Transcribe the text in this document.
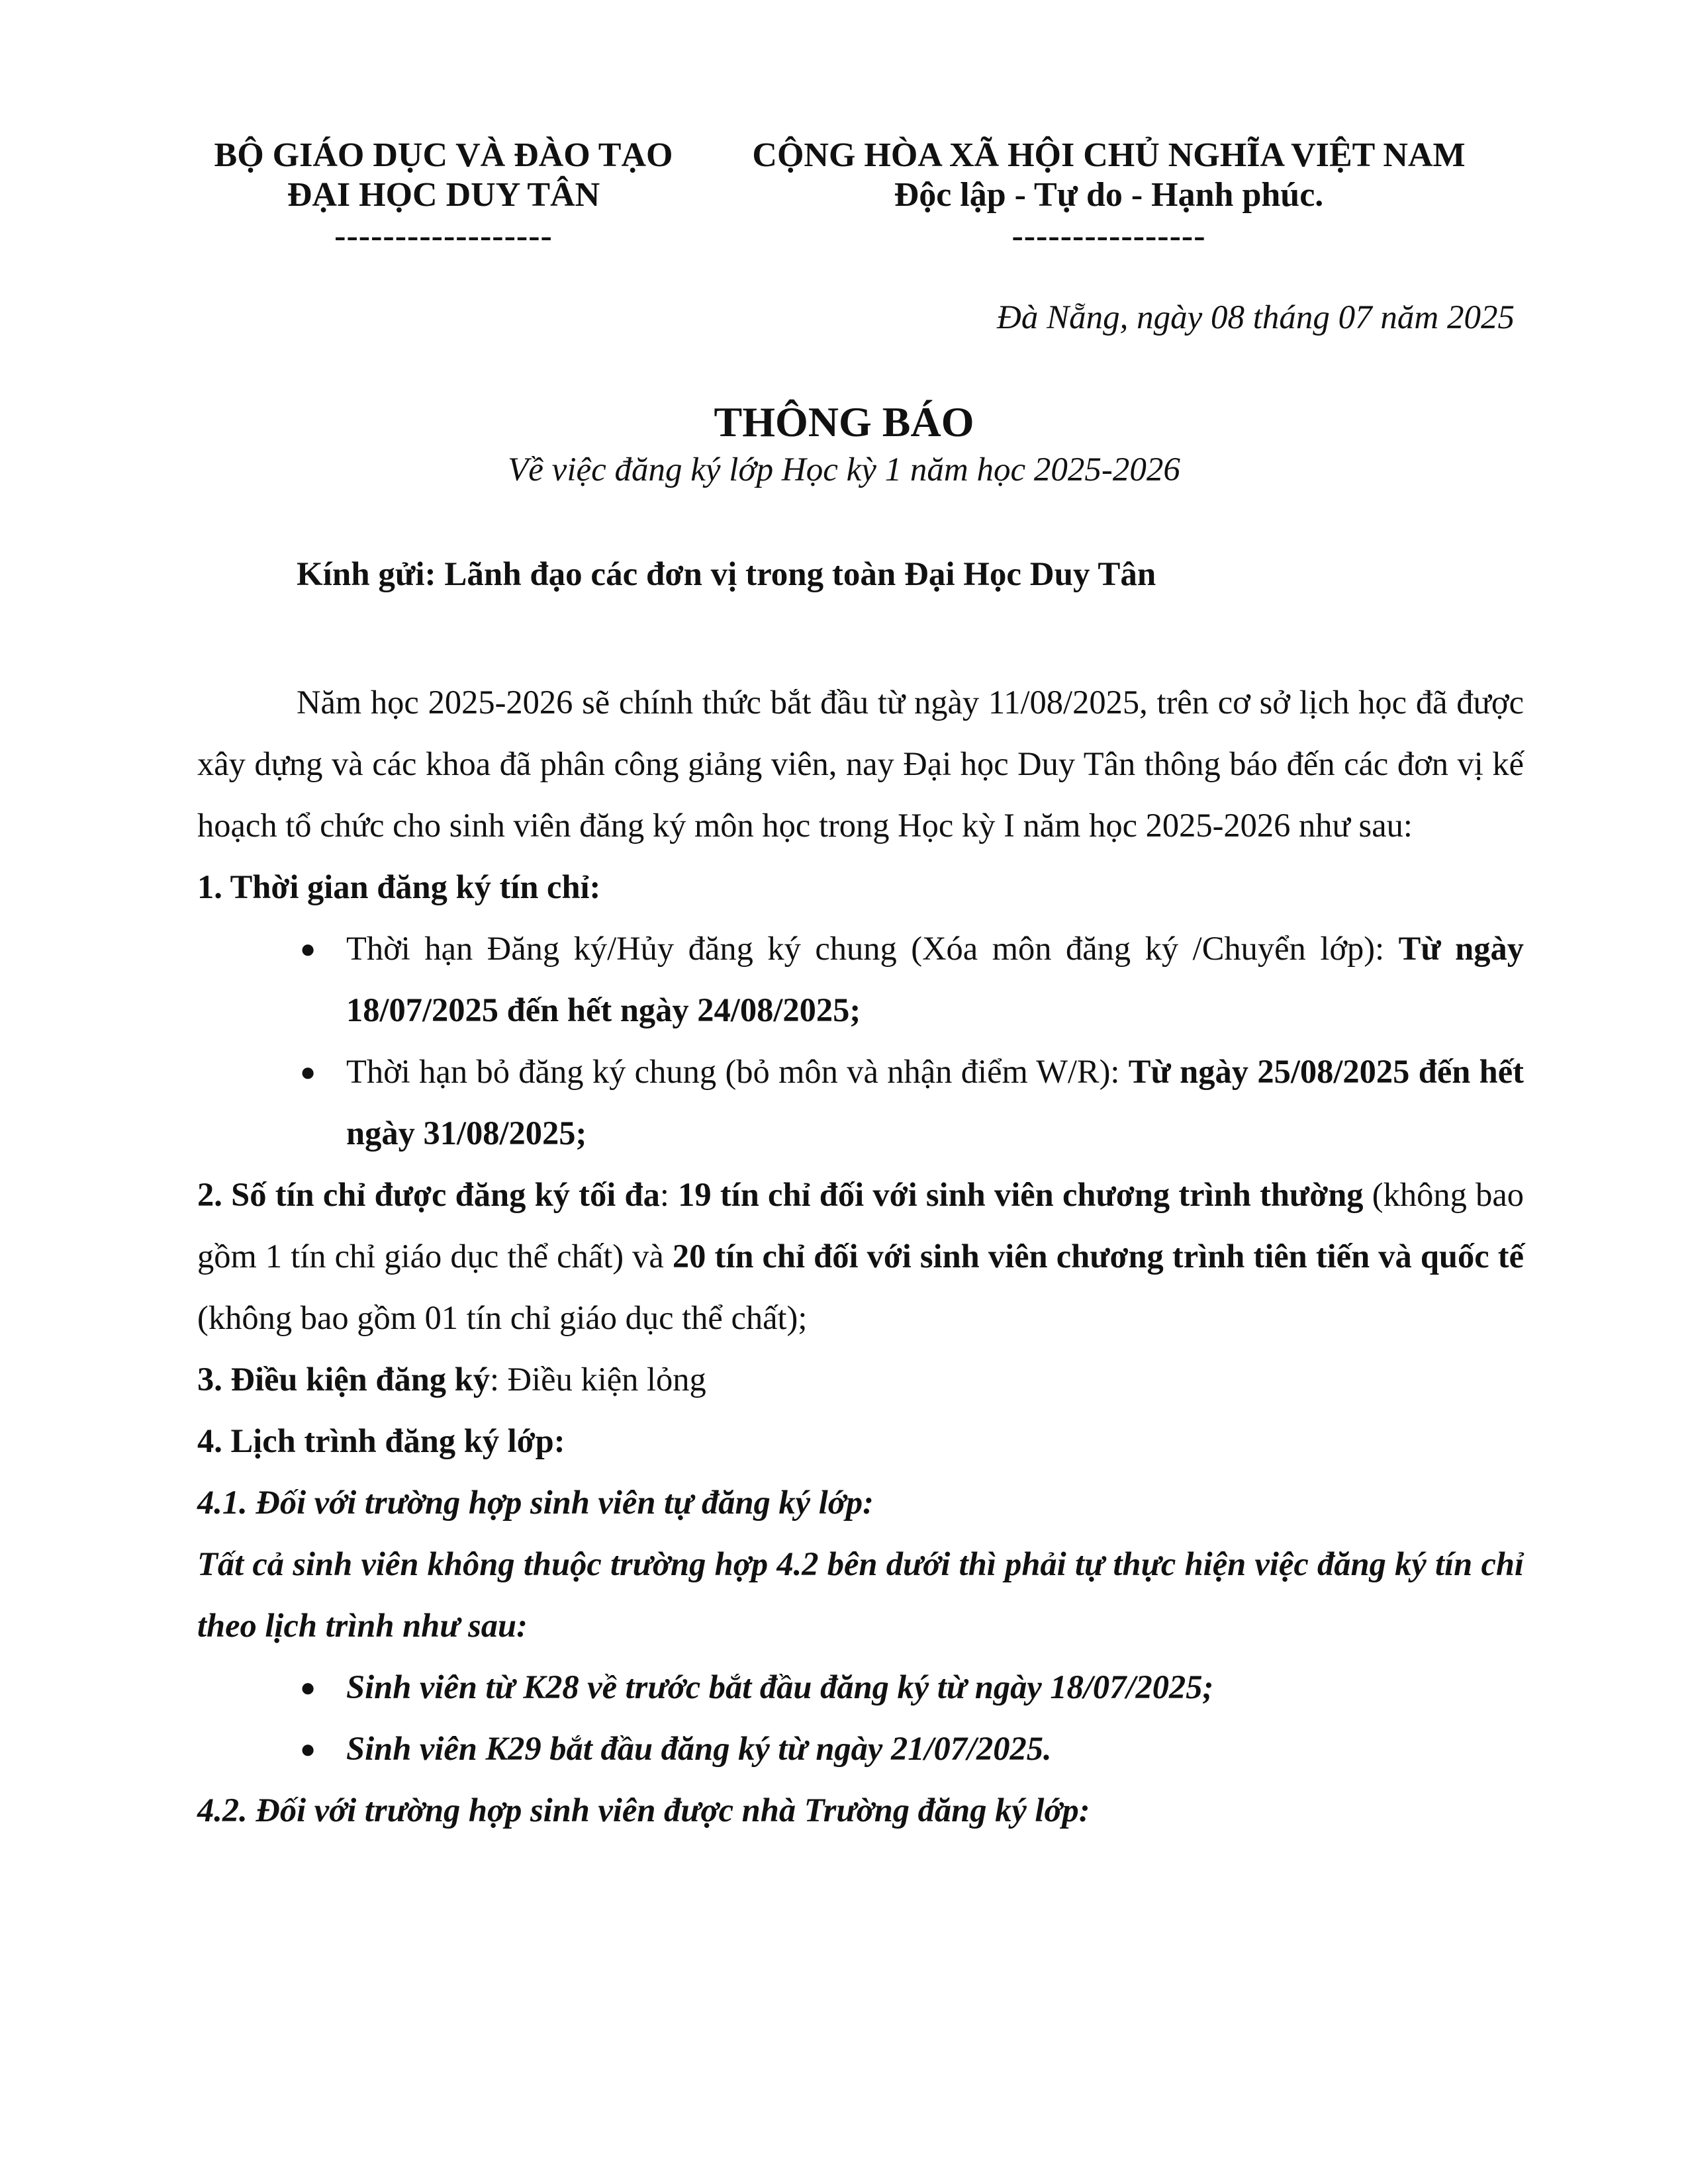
BỘ GIÁO DỤC VÀ ĐÀO TẠO
ĐẠI HỌC DUY TÂN
------------------
CỘNG HÒA XÃ HỘI CHỦ NGHĨA VIỆT NAM
Độc lập - Tự do - Hạnh phúc.
----------------
Đà Nẵng, ngày 08 tháng 07 năm 2025
THÔNG BÁO
Về việc đăng ký lớp Học kỳ 1 năm học 2025-2026
Kính gửi: Lãnh đạo các đơn vị trong toàn Đại Học Duy Tân

Năm học 2025-2026 sẽ chính thức bắt đầu từ ngày 11/08/2025, trên cơ sở lịch học đã được xây dựng và các khoa đã phân công giảng viên, nay Đại học Duy Tân thông báo đến các đơn vị kế hoạch tổ chức cho sinh viên đăng ký môn học trong Học kỳ I năm học 2025-2026 như sau:

1. Thời gian đăng ký tín chỉ:

● Thời hạn Đăng ký/Hủy đăng ký chung (Xóa môn đăng ký /Chuyển lớp): Từ ngày 18/07/2025 đến hết ngày 24/08/2025;
● Thời hạn bỏ đăng ký chung (bỏ môn và nhận điểm W/R): Từ ngày 25/08/2025 đến hết ngày 31/08/2025;

2. Số tín chỉ được đăng ký tối đa: 19 tín chỉ đối với sinh viên chương trình thường (không bao gồm 1 tín chỉ giáo dục thể chất) và 20 tín chỉ đối với sinh viên chương trình tiên tiến và quốc tế (không bao gồm 01 tín chỉ giáo dục thể chất);

3. Điều kiện đăng ký: Điều kiện lỏng

4. Lịch trình đăng ký lớp:

4.1. Đối với trường hợp sinh viên tự đăng ký lớp:

Tất cả sinh viên không thuộc trường hợp 4.2 bên dưới thì phải tự thực hiện việc đăng ký tín chỉ theo lịch trình như sau:

● Sinh viên từ K28 về trước bắt đầu đăng ký từ ngày 18/07/2025;
● Sinh viên K29 bắt đầu đăng ký từ ngày 21/07/2025.

4.2. Đối với trường hợp sinh viên được nhà Trường đăng ký lớp:
